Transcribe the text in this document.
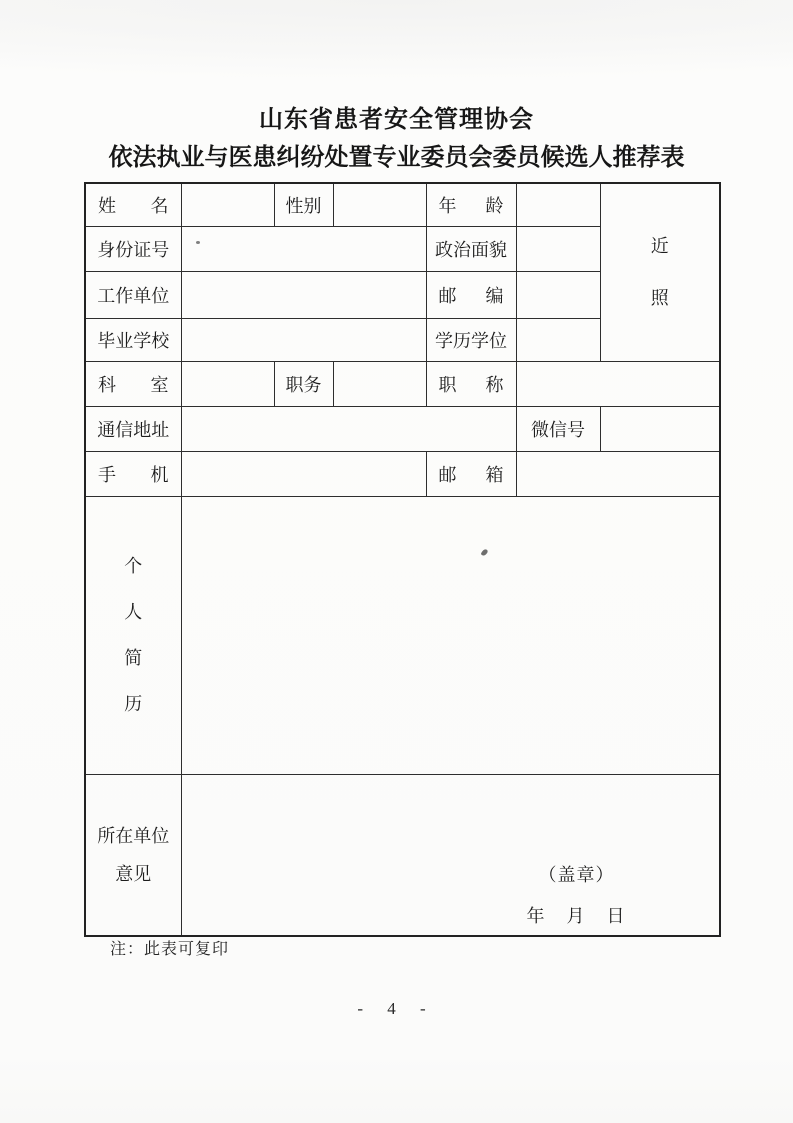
山东省患者安全管理协会
依法执业与医患纠纷处置专业委员会委员候选人推荐表
姓 名		性别		年 龄		近照

身份证号				政治面貌		
工作单位				邮 编		
毕业学校				学历学位		
科 室		职务		职 称		
通信地址					微信号	
手 机				邮 箱		

个人简历						

所在单位
意见	（盖章）
年　月　日
注：此表可复印
- 4 -
